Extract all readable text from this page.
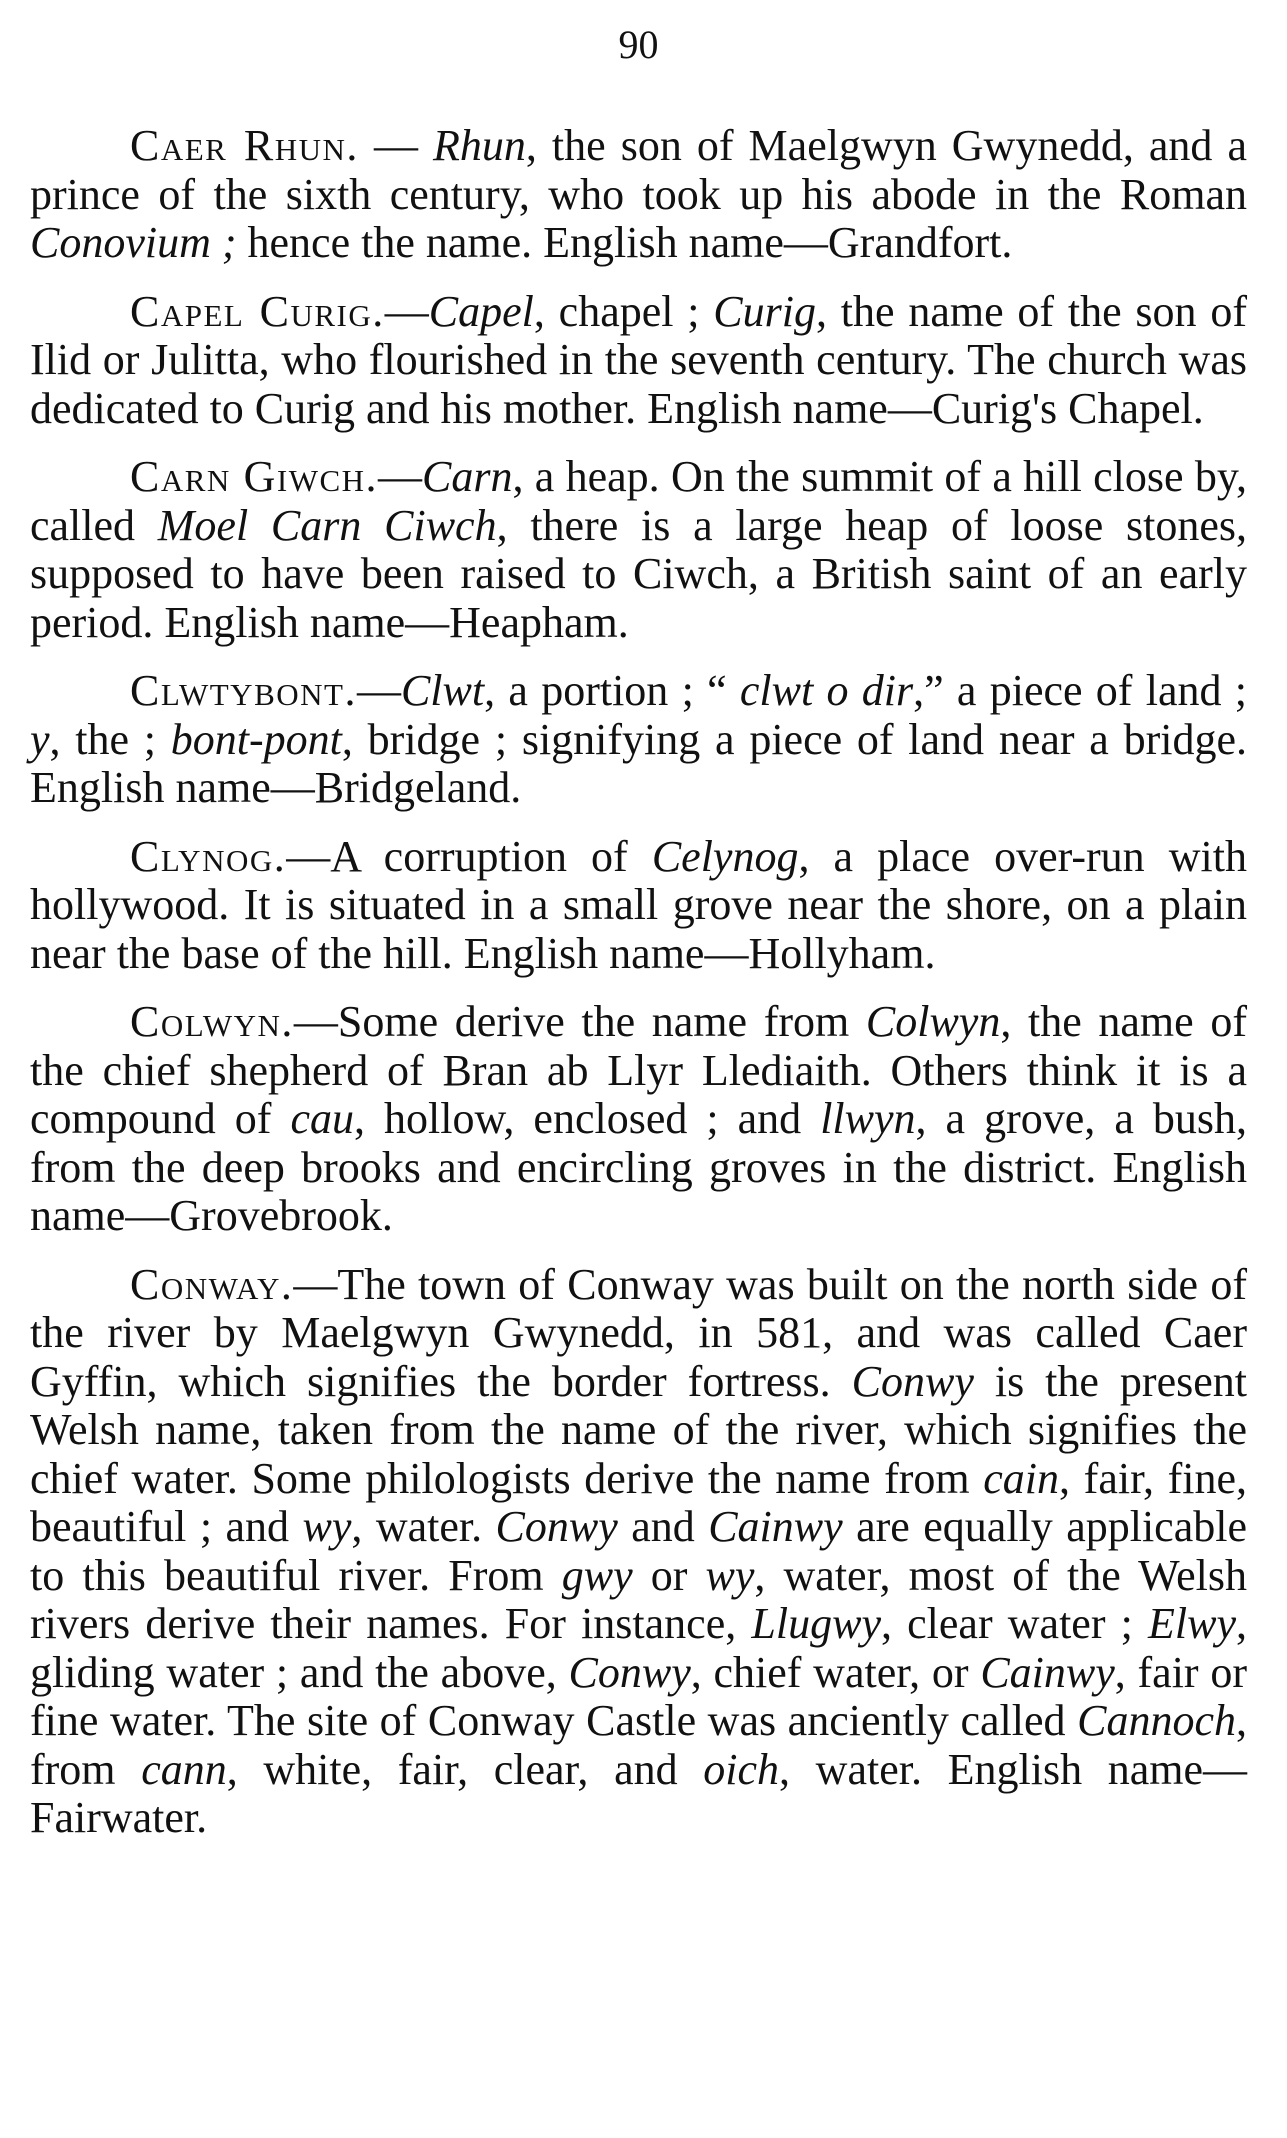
90

Caer Rhun. — Rhun, the son of Maelgwyn Gwynedd, and a prince of the sixth century, who took up his abode in the Roman Conovium ; hence the name. English name—Grandfort.

Capel Curig.—Capel, chapel ; Curig, the name of the son of Ilid or Julitta, who flourished in the seventh century. The church was dedicated to Curig and his mother. English name—Curig's Chapel.

Carn Giwch.—Carn, a heap. On the summit of a hill close by, called Moel Carn Ciwch, there is a large heap of loose stones, supposed to have been raised to Ciwch, a British saint of an early period. English name—Heapham.

Clwtybont.—Clwt, a portion ; “ clwt o dir,” a piece of land ; y, the ; bont-pont, bridge ; signifying a piece of land near a bridge. English name—Bridgeland.

Clynog.—A corruption of Celynog, a place over-run with hollywood. It is situated in a small grove near the shore, on a plain near the base of the hill. English name—Hollyham.

Colwyn.—Some derive the name from Colwyn, the name of the chief shepherd of Bran ab Llyr Llediaith. Others think it is a compound of cau, hollow, enclosed ; and llwyn, a grove, a bush, from the deep brooks and encircling groves in the district. English name—Grovebrook.

Conway.—The town of Conway was built on the north side of the river by Maelgwyn Gwynedd, in 581, and was called Caer Gyffin, which signifies the border fortress. Conwy is the present Welsh name, taken from the name of the river, which signifies the chief water. Some philologists derive the name from cain, fair, fine, beautiful ; and wy, water. Conwy and Cainwy are equally applicable to this beautiful river. From gwy or wy, water, most of the Welsh rivers derive their names. For instance, Llugwy, clear water ; Elwy, gliding water ; and the above, Conwy, chief water, or Cainwy, fair or fine water. The site of Conway Castle was anciently called Cannoch, from cann, white, fair, clear, and oich, water. English name—Fairwater.
